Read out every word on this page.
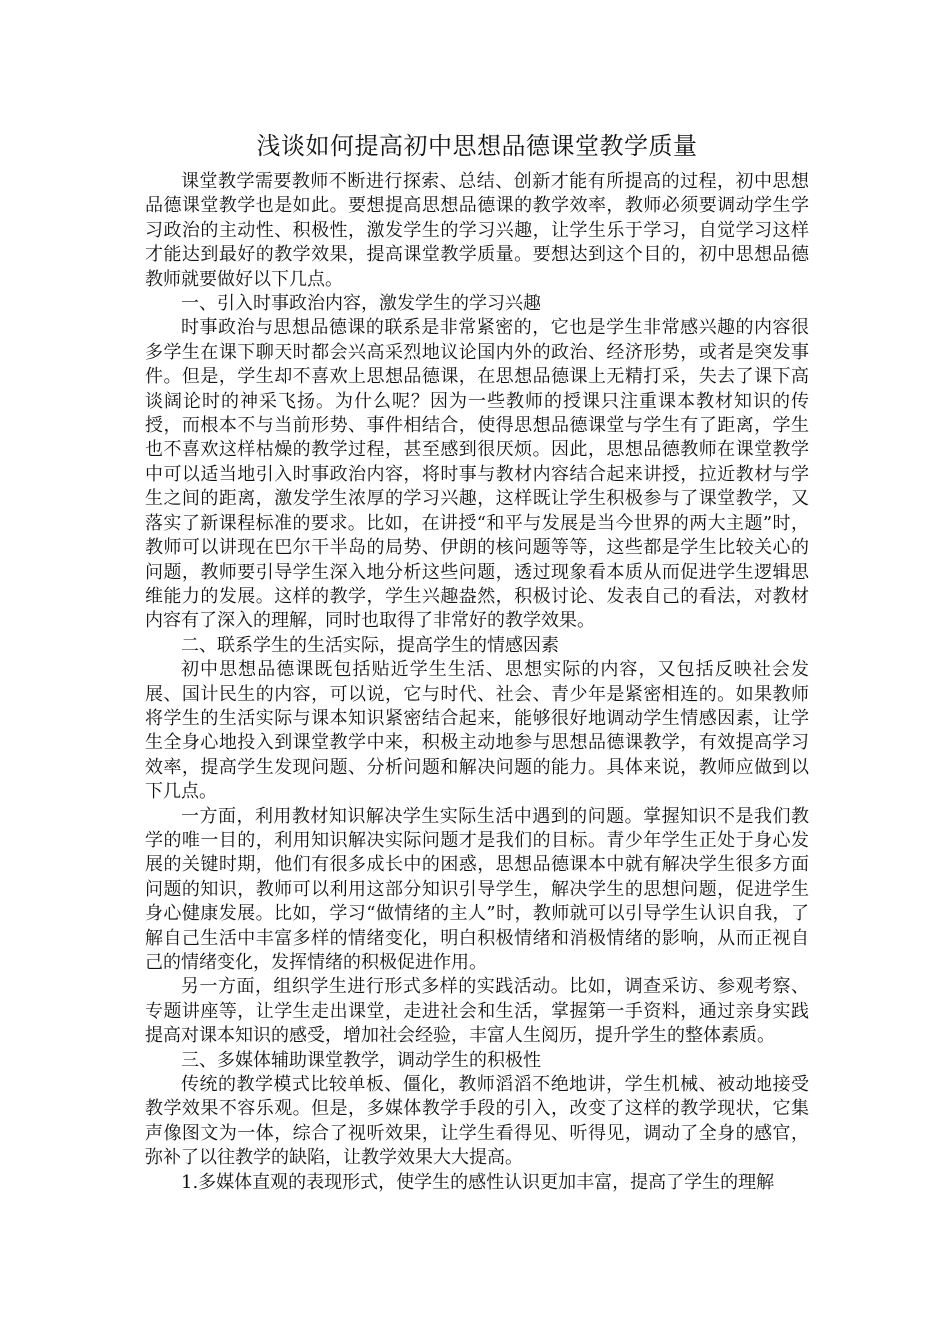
浅谈如何提高初中思想品德课堂教学质量

课堂教学需要教师不断进行探索、总结、创新才能有所提高的过程，初中思想品德课堂教学也是如此。要想提高思想品德课的教学效率，教师必须要调动学生学习政治的主动性、积极性，激发学生的学习兴趣，让学生乐于学习，自觉学习这样才能达到最好的教学效果，提高课堂教学质量。要想达到这个目的，初中思想品德教师就要做好以下几点。

一、引入时事政治内容，激发学生的学习兴趣

时事政治与思想品德课的联系是非常紧密的，它也是学生非常感兴趣的内容很多学生在课下聊天时都会兴高采烈地议论国内外的政治、经济形势，或者是突发事件。但是，学生却不喜欢上思想品德课，在思想品德课上无精打采，失去了课下高谈阔论时的神采飞扬。为什么呢？因为一些教师的授课只注重课本教材知识的传授，而根本不与当前形势、事件相结合，使得思想品德课堂与学生有了距离，学生也不喜欢这样枯燥的教学过程，甚至感到很厌烦。因此，思想品德教师在课堂教学中可以适当地引入时事政治内容，将时事与教材内容结合起来讲授，拉近教材与学生之间的距离，激发学生浓厚的学习兴趣，这样既让学生积极参与了课堂教学，又落实了新课程标准的要求。比如，在讲授“和平与发展是当今世界的两大主题”时，教师可以讲现在巴尔干半岛的局势、伊朗的核问题等等，这些都是学生比较关心的问题，教师要引导学生深入地分析这些问题，透过现象看本质从而促进学生逻辑思维能力的发展。这样的教学，学生兴趣盎然，积极讨论、发表自己的看法，对教材内容有了深入的理解，同时也取得了非常好的教学效果。

二、联系学生的生活实际，提高学生的情感因素

初中思想品德课既包括贴近学生生活、思想实际的内容，又包括反映社会发展、国计民生的内容，可以说，它与时代、社会、青少年是紧密相连的。如果教师将学生的生活实际与课本知识紧密结合起来，能够很好地调动学生情感因素，让学生全身心地投入到课堂教学中来，积极主动地参与思想品德课教学，有效提高学习效率，提高学生发现问题、分析问题和解决问题的能力。具体来说，教师应做到以下几点。

一方面，利用教材知识解决学生实际生活中遇到的问题。掌握知识不是我们教学的唯一目的，利用知识解决实际问题才是我们的目标。青少年学生正处于身心发展的关键时期，他们有很多成长中的困惑，思想品德课本中就有解决学生很多方面问题的知识，教师可以利用这部分知识引导学生，解决学生的思想问题，促进学生身心健康发展。比如，学习“做情绪的主人”时，教师就可以引导学生认识自我，了解自己生活中丰富多样的情绪变化，明白积极情绪和消极情绪的影响，从而正视自己的情绪变化，发挥情绪的积极促进作用。

另一方面，组织学生进行形式多样的实践活动。比如，调查采访、参观考察、专题讲座等，让学生走出课堂，走进社会和生活，掌握第一手资料，通过亲身实践提高对课本知识的感受，增加社会经验，丰富人生阅历，提升学生的整体素质。

三、多媒体辅助课堂教学，调动学生的积极性

传统的教学模式比较单板、僵化，教师滔滔不绝地讲，学生机械、被动地接受教学效果不容乐观。但是，多媒体教学手段的引入，改变了这样的教学现状，它集声像图文为一体，综合了视听效果，让学生看得见、听得见，调动了全身的感官，弥补了以往教学的缺陷，让教学效果大大提高。

1.多媒体直观的表现形式，使学生的感性认识更加丰富，提高了学生的理解
